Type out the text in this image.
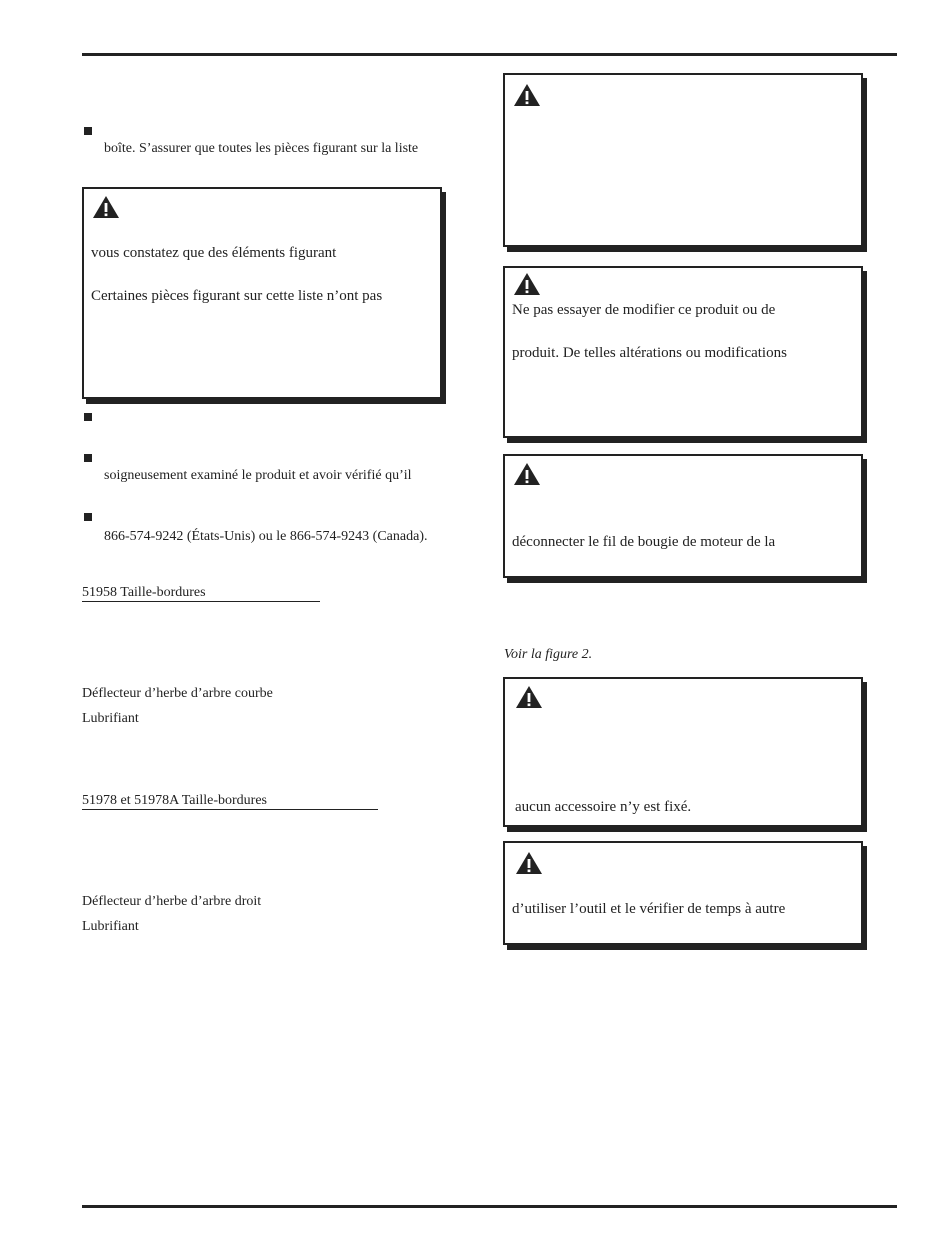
boîte. S’assurer que toutes les pièces figurant sur la liste
vous constatez que des éléments figurant
Certaines pièces figurant sur cette liste n’ont pas
soigneusement examiné le produit et avoir vérifié qu’il
866-574-9242 (États-Unis) ou le 866-574-9243 (Canada).
51958 Taille-bordures
Déflecteur d’herbe d’arbre courbe
Lubrifiant
51978 et 51978A Taille-bordures
Déflecteur d’herbe d’arbre droit
Lubrifiant
Ne pas essayer de modifier ce produit ou de
produit. De telles altérations ou modifications
déconnecter le fil de bougie de moteur de la
Voir la figure 2.
aucun accessoire n’y est fixé.
d’utiliser l’outil et le vérifier de temps à autre
